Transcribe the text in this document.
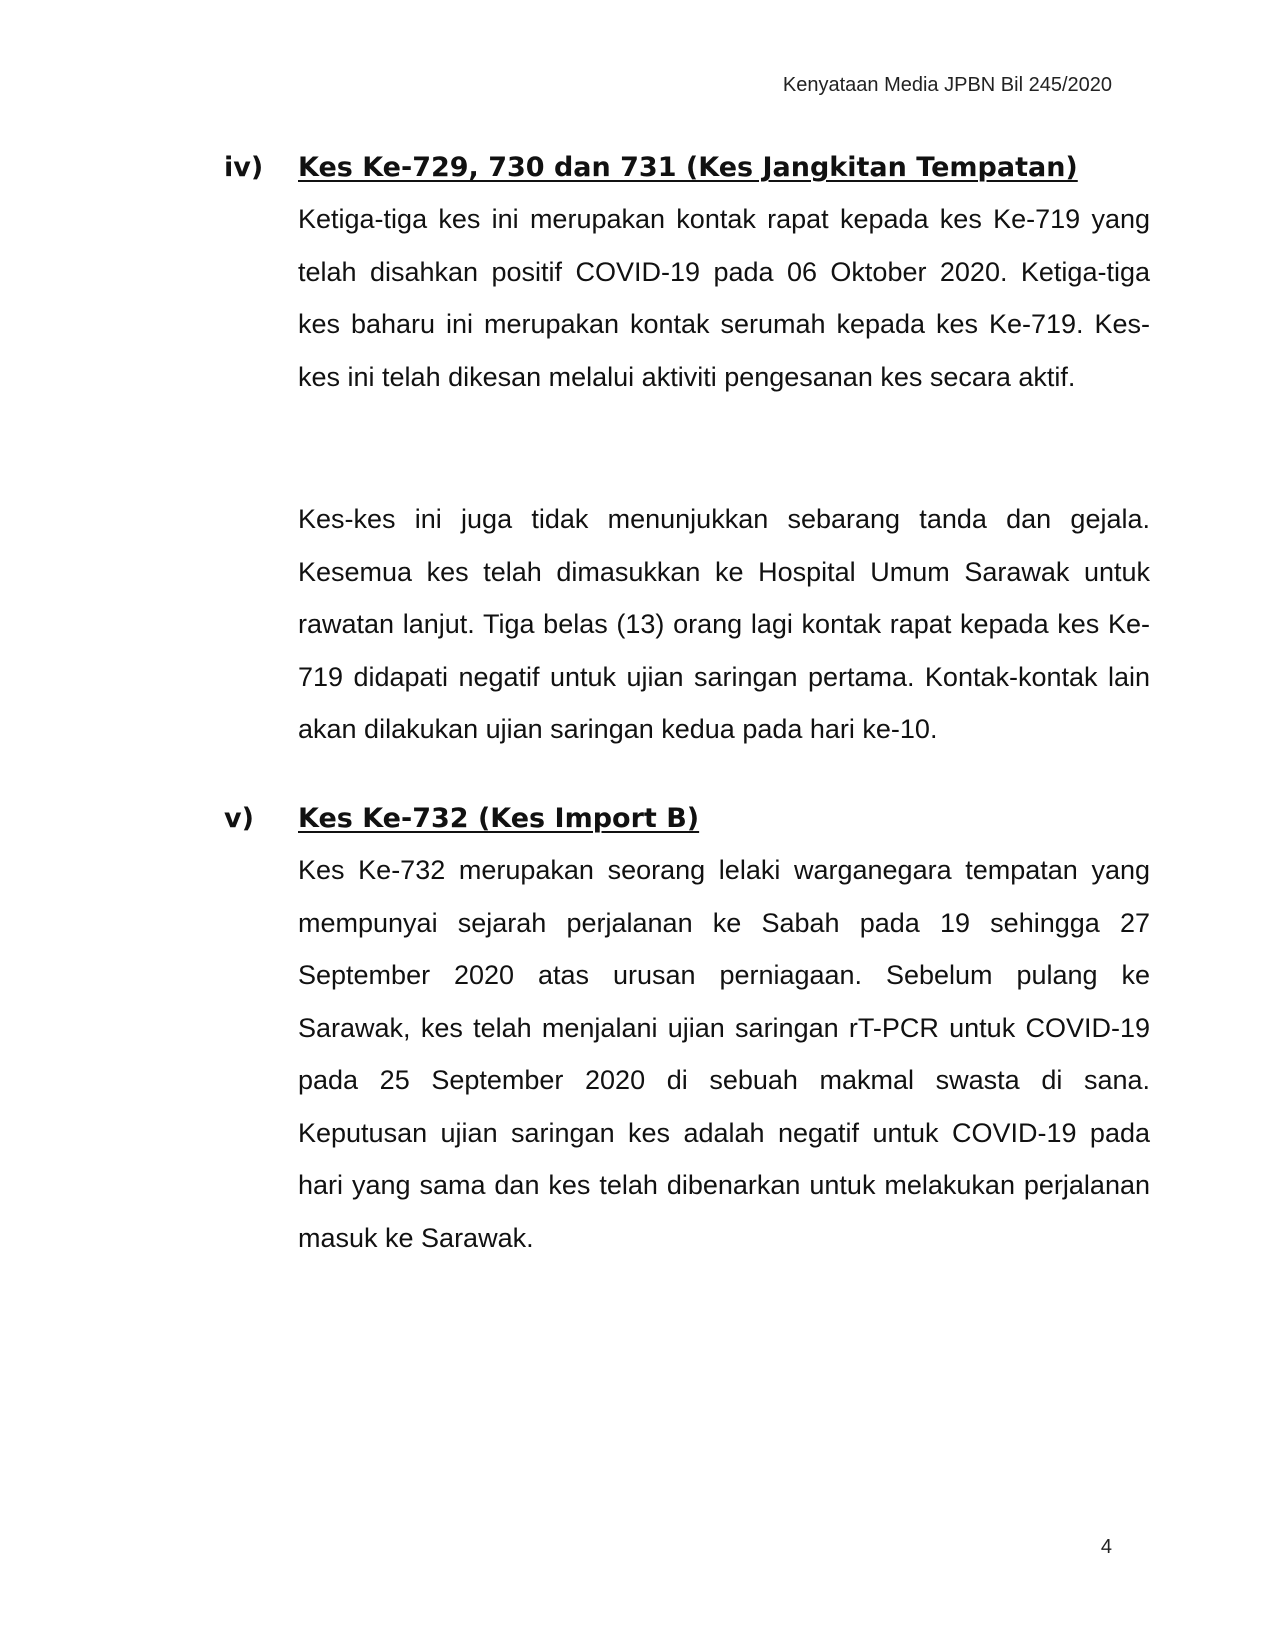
Kenyataan Media JPBN Bil 245/2020
iv) Kes Ke-729, 730 dan 731 (Kes Jangkitan Tempatan)

Ketiga-tiga kes ini merupakan kontak rapat kepada kes Ke-719 yang telah disahkan positif COVID-19 pada 06 Oktober 2020. Ketiga-tiga kes baharu ini merupakan kontak serumah kepada kes Ke-719. Kes-kes ini telah dikesan melalui aktiviti pengesanan kes secara aktif.

Kes-kes ini juga tidak menunjukkan sebarang tanda dan gejala. Kesemua kes telah dimasukkan ke Hospital Umum Sarawak untuk rawatan lanjut. Tiga belas (13) orang lagi kontak rapat kepada kes Ke-719 didapati negatif untuk ujian saringan pertama. Kontak-kontak lain akan dilakukan ujian saringan kedua pada hari ke-10.

v) Kes Ke-732 (Kes Import B)

Kes Ke-732 merupakan seorang lelaki warganegara tempatan yang mempunyai sejarah perjalanan ke Sabah pada 19 sehingga 27 September 2020 atas urusan perniagaan. Sebelum pulang ke Sarawak, kes telah menjalani ujian saringan rT-PCR untuk COVID-19 pada 25 September 2020 di sebuah makmal swasta di sana. Keputusan ujian saringan kes adalah negatif untuk COVID-19 pada hari yang sama dan kes telah dibenarkan untuk melakukan perjalanan masuk ke Sarawak.

4
